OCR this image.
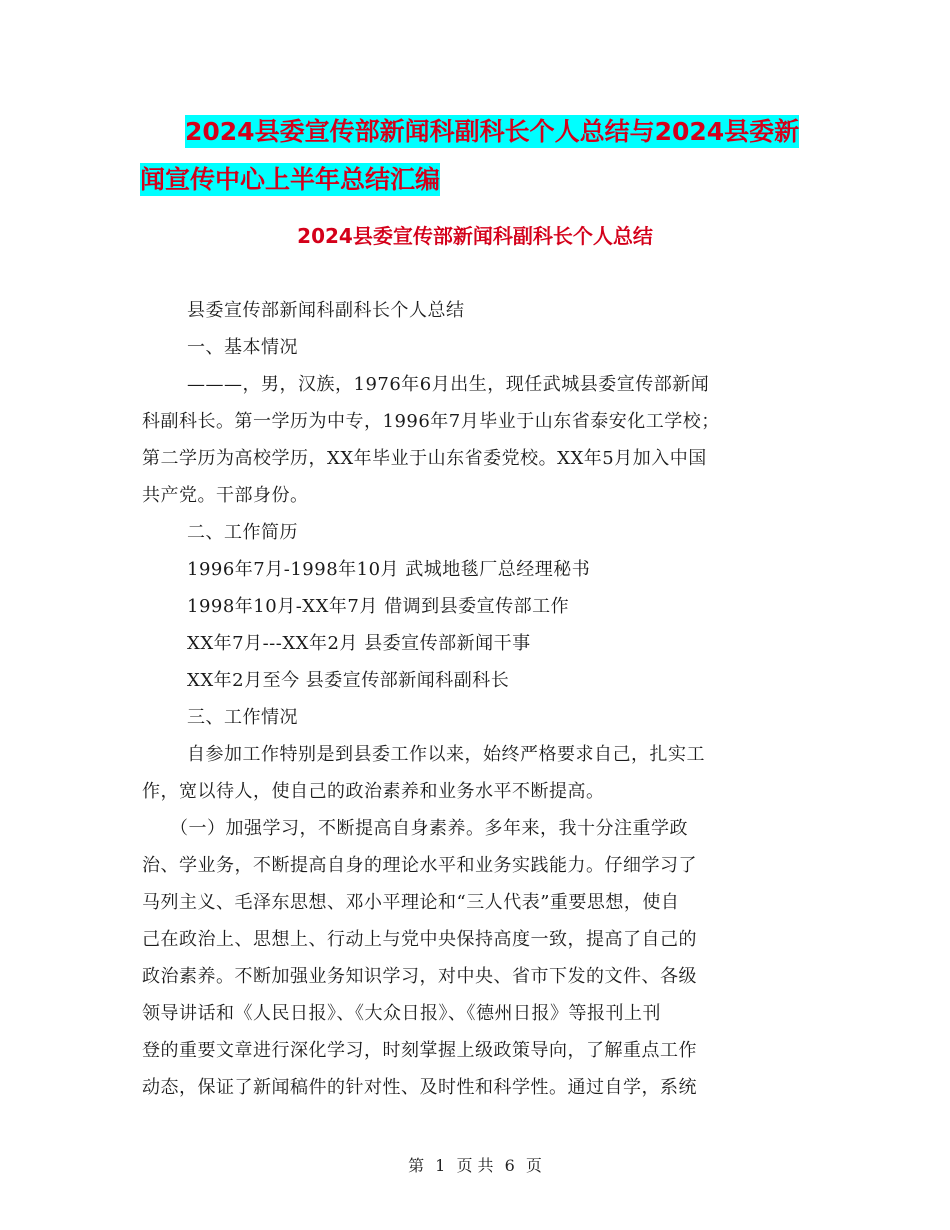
2024县委宣传部新闻科副科长个人总结与2024县委新
闻宣传中心上半年总结汇编
2024县委宣传部新闻科副科长个人总结

县委宣传部新闻科副科长个人总结

一、基本情况

———，男，汉族，1976年6月出生，现任武城县委宣传部新闻

科副科长。第一学历为中专，1996年7月毕业于山东省泰安化工学校；

第二学历为高校学历，XX年毕业于山东省委党校。XX年5月加入中国

共产党。干部身份。

二、工作简历

1996年7月-1998年10月 武城地毯厂总经理秘书

1998年10月-XX年7月 借调到县委宣传部工作

XX年7月---XX年2月 县委宣传部新闻干事

XX年2月至今 县委宣传部新闻科副科长

三、工作情况

自参加工作特别是到县委工作以来，始终严格要求自己，扎实工

作，宽以待人，使自己的政治素养和业务水平不断提高。

（一）加强学习，不断提高自身素养。多年来，我十分注重学政

治、学业务，不断提高自身的理论水平和业务实践能力。仔细学习了

马列主义、毛泽东思想、邓小平理论和“三人代表”重要思想，使自

己在政治上、思想上、行动上与党中央保持高度一致，提高了自己的

政治素养。不断加强业务知识学习，对中央、省市下发的文件、各级

领导讲话和《人民日报》、《大众日报》、《德州日报》等报刊上刊

登的重要文章进行深化学习，时刻掌握上级政策导向，了解重点工作

动态，保证了新闻稿件的针对性、及时性和科学性。通过自学，系统

第 1 页 共 6 页
